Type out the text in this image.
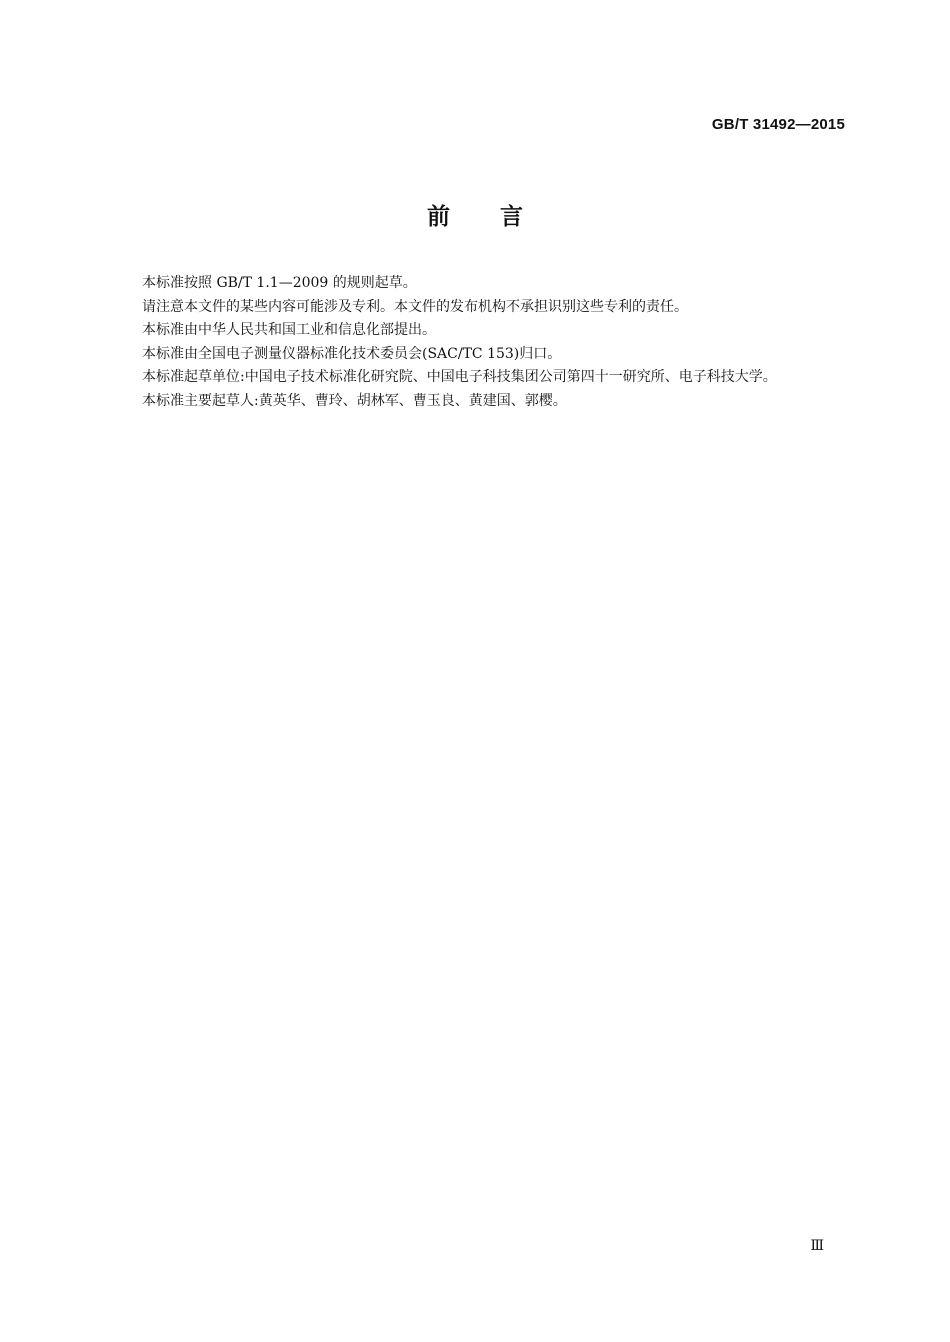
GB/T 31492—2015
前 言

本标准按照 GB/T 1.1—2009 的规则起草。

请注意本文件的某些内容可能涉及专利。本文件的发布机构不承担识别这些专利的责任。

本标准由中华人民共和国工业和信息化部提出。

本标准由全国电子测量仪器标准化技术委员会(SAC/TC 153)归口。

本标准起草单位:中国电子技术标准化研究院、中国电子科技集团公司第四十一研究所、电子科技大学。

本标准主要起草人:黄英华、曹玲、胡林军、曹玉良、黄建国、郭樱。

Ⅲ
